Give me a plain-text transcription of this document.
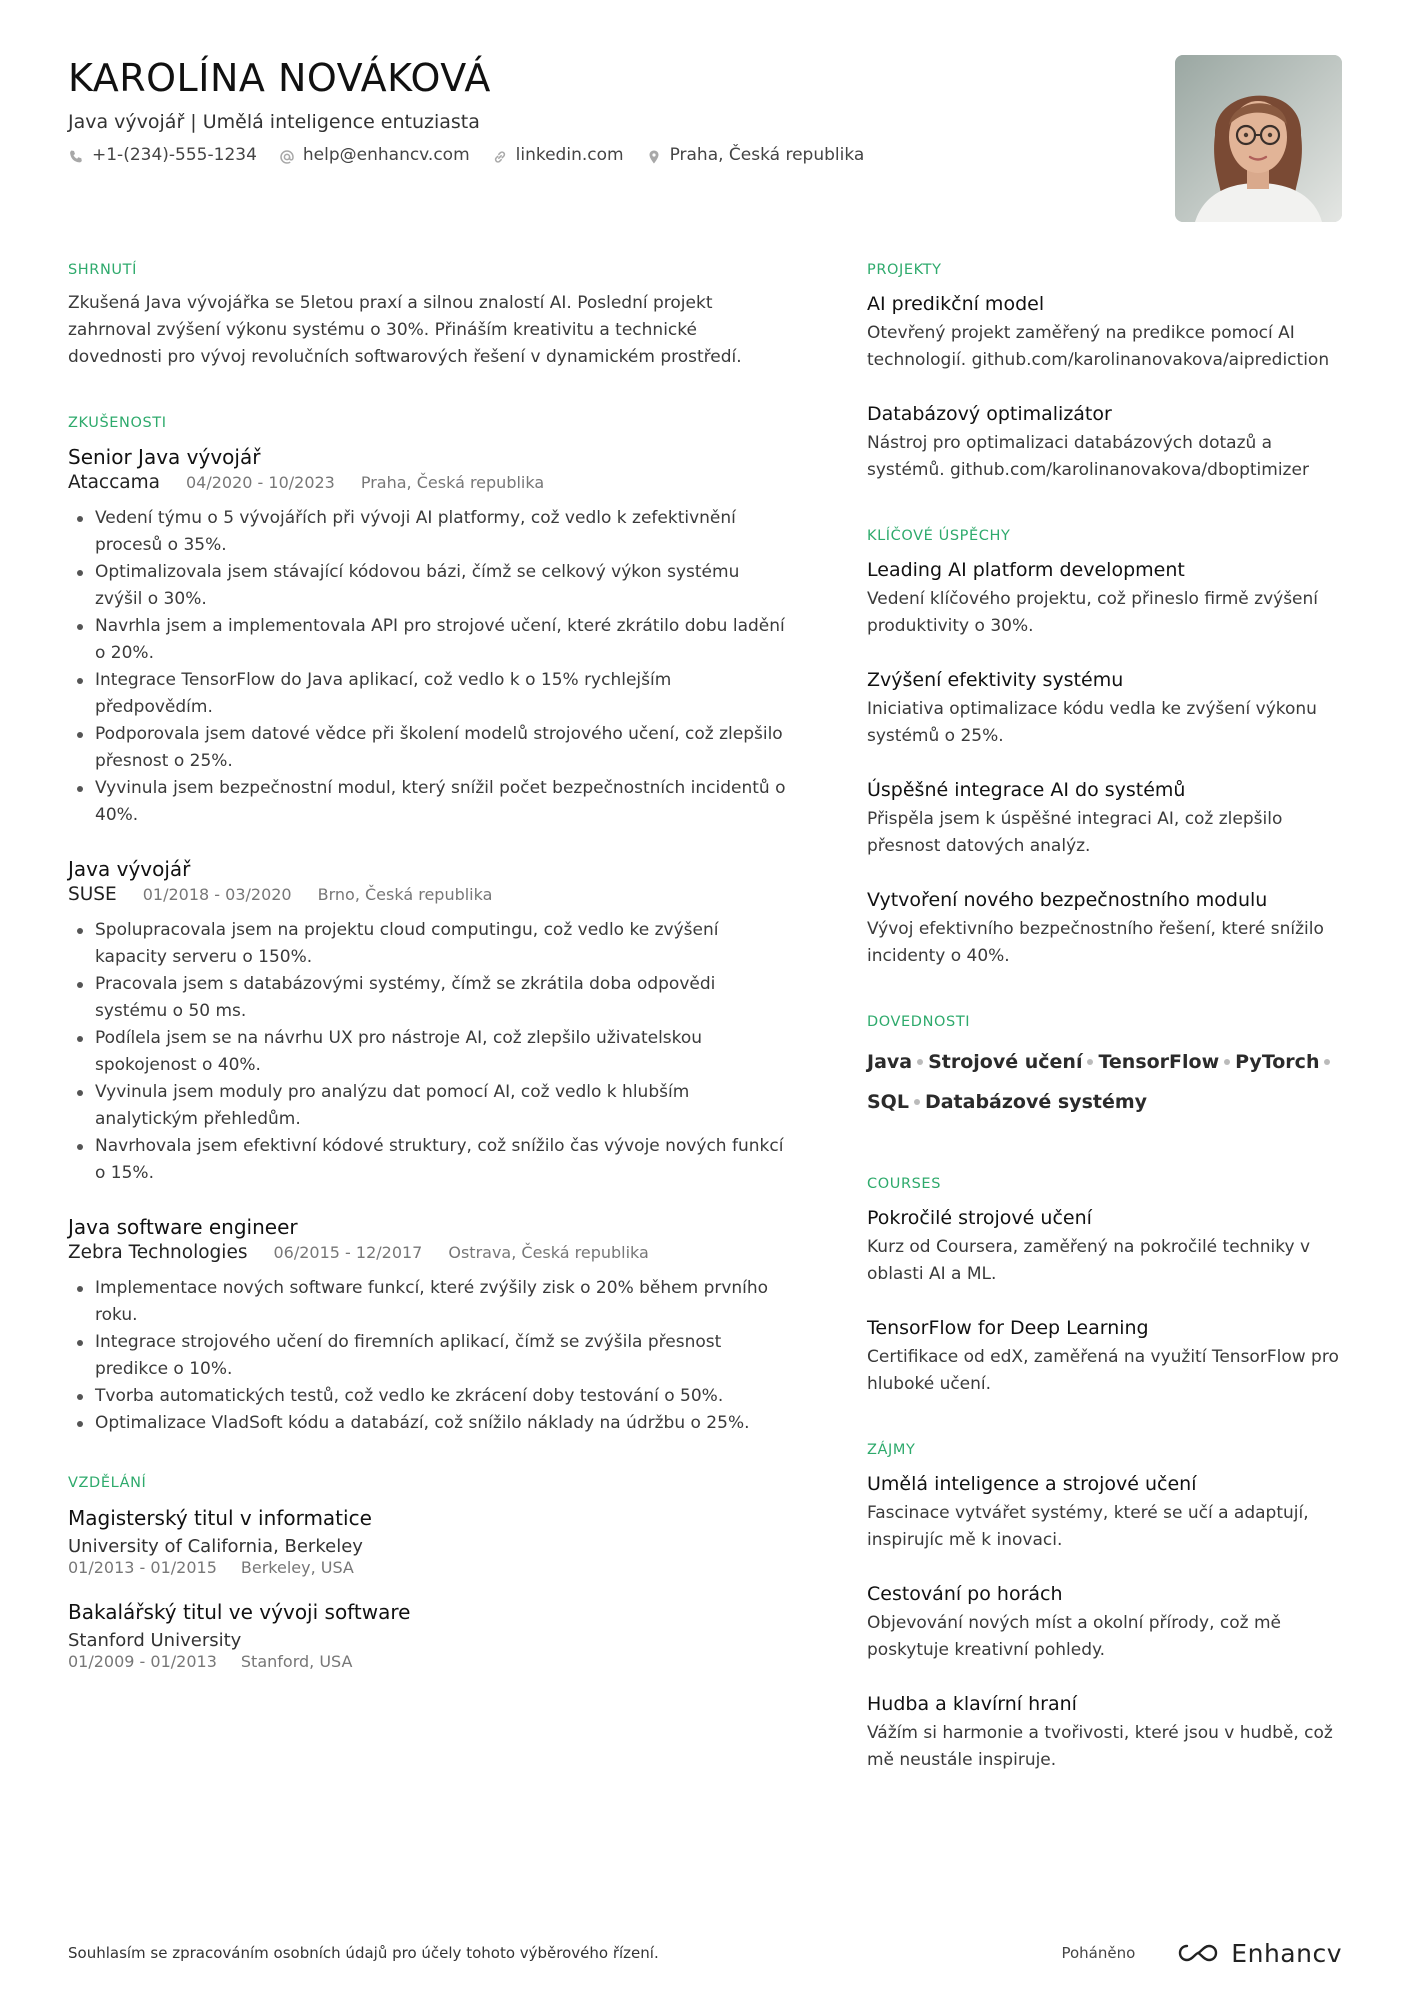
KAROLÍNA NOVÁKOVÁ
Java vývojář | Umělá inteligence entuziasta
+1-(234)-555-1234	help@enhancv.com	linkedin.com	Praha, Česká republika
SHRNUTÍ

Zkušená Java vývojářka se 5letou praxí a silnou znalostí AI. Poslední projekt zahrnoval zvýšení výkonu systému o 30%. Přináším kreativitu a technické dovednosti pro vývoj revolučních softwarových řešení v dynamickém prostředí.

ZKUŠENOSTI
Senior Java vývojář
Ataccama 04/2020 - 10/2023 Praha, Česká republika
Vedení týmu o 5 vývojářích při vývoji AI platformy, což vedlo k zefektivnění procesů o 35%.
Optimalizovala jsem stávající kódovou bázi, čímž se celkový výkon systému zvýšil o 30%.
Navrhla jsem a implementovala API pro strojové učení, které zkrátilo dobu ladění o 20%.
Integrace TensorFlow do Java aplikací, což vedlo k o 15% rychlejším předpovědím.
Podporovala jsem datové vědce při školení modelů strojového učení, což zlepšilo přesnost o 25%.
Vyvinula jsem bezpečnostní modul, který snížil počet bezpečnostních incidentů o 40%.
Java vývojář
SUSE 01/2018 - 03/2020 Brno, Česká republika
Spolupracovala jsem na projektu cloud computingu, což vedlo ke zvýšení kapacity serveru o 150%.
Pracovala jsem s databázovými systémy, čímž se zkrátila doba odpovědi systému o 50 ms.
Podílela jsem se na návrhu UX pro nástroje AI, což zlepšilo uživatelskou spokojenost o 40%.
Vyvinula jsem moduly pro analýzu dat pomocí AI, což vedlo k hlubším analytickým přehledům.
Navrhovala jsem efektivní kódové struktury, což snížilo čas vývoje nových funkcí o 15%.
Java software engineer
Zebra Technologies 06/2015 - 12/2017 Ostrava, Česká republika
Implementace nových software funkcí, které zvýšily zisk o 20% během prvního roku.
Integrace strojového učení do firemních aplikací, čímž se zvýšila přesnost predikce o 10%.
Tvorba automatických testů, což vedlo ke zkrácení doby testování o 50%.
Optimalizace VladSoft kódu a databází, což snížilo náklady na údržbu o 25%.
VZDĚLÁNÍ
Magisterský titul v informatice
University of California, Berkeley
01/2013 - 01/2015 Berkeley, USA
Bakalářský titul ve vývoji software
Stanford University
01/2009 - 01/2013 Stanford, USA
PROJEKTY
AI predikční model
Otevřený projekt zaměřený na predikce pomocí AI technologií. github.com/karolinanovakova/aiprediction
Databázový optimalizátor
Nástroj pro optimalizaci databázových dotazů a systémů. github.com/karolinanovakova/dboptimizer
KLÍČOVÉ ÚSPĚCHY
Leading AI platform development
Vedení klíčového projektu, což přineslo firmě zvýšení produktivity o 30%.
Zvýšení efektivity systému
Iniciativa optimalizace kódu vedla ke zvýšení výkonu systémů o 25%.
Úspěšné integrace AI do systémů
Přispěla jsem k úspěšné integraci AI, což zlepšilo přesnost datových analýz.
Vytvoření nového bezpečnostního modulu
Vývoj efektivního bezpečnostního řešení, které snížilo incidenty o 40%.
DOVEDNOSTI
Java Strojové učení TensorFlow PyTorch
SQL Databázové systémy
COURSES
Pokročilé strojové učení
Kurz od Coursera, zaměřený na pokročilé techniky v oblasti AI a ML.
TensorFlow for Deep Learning
Certifikace od edX, zaměřená na využití TensorFlow pro hluboké učení.
ZÁJMY
Umělá inteligence a strojové učení
Fascinace vytvářet systémy, které se učí a adaptují, inspirujíc mě k inovaci.
Cestování po horách
Objevování nových míst a okolní přírody, což mě poskytuje kreativní pohledy.
Hudba a klavírní hraní
Vážím si harmonie a tvořivosti, které jsou v hudbě, což mě neustále inspiruje.
Souhlasím se zpracováním osobních údajů pro účely tohoto výběrového řízení.	Poháněno	Enhancv
